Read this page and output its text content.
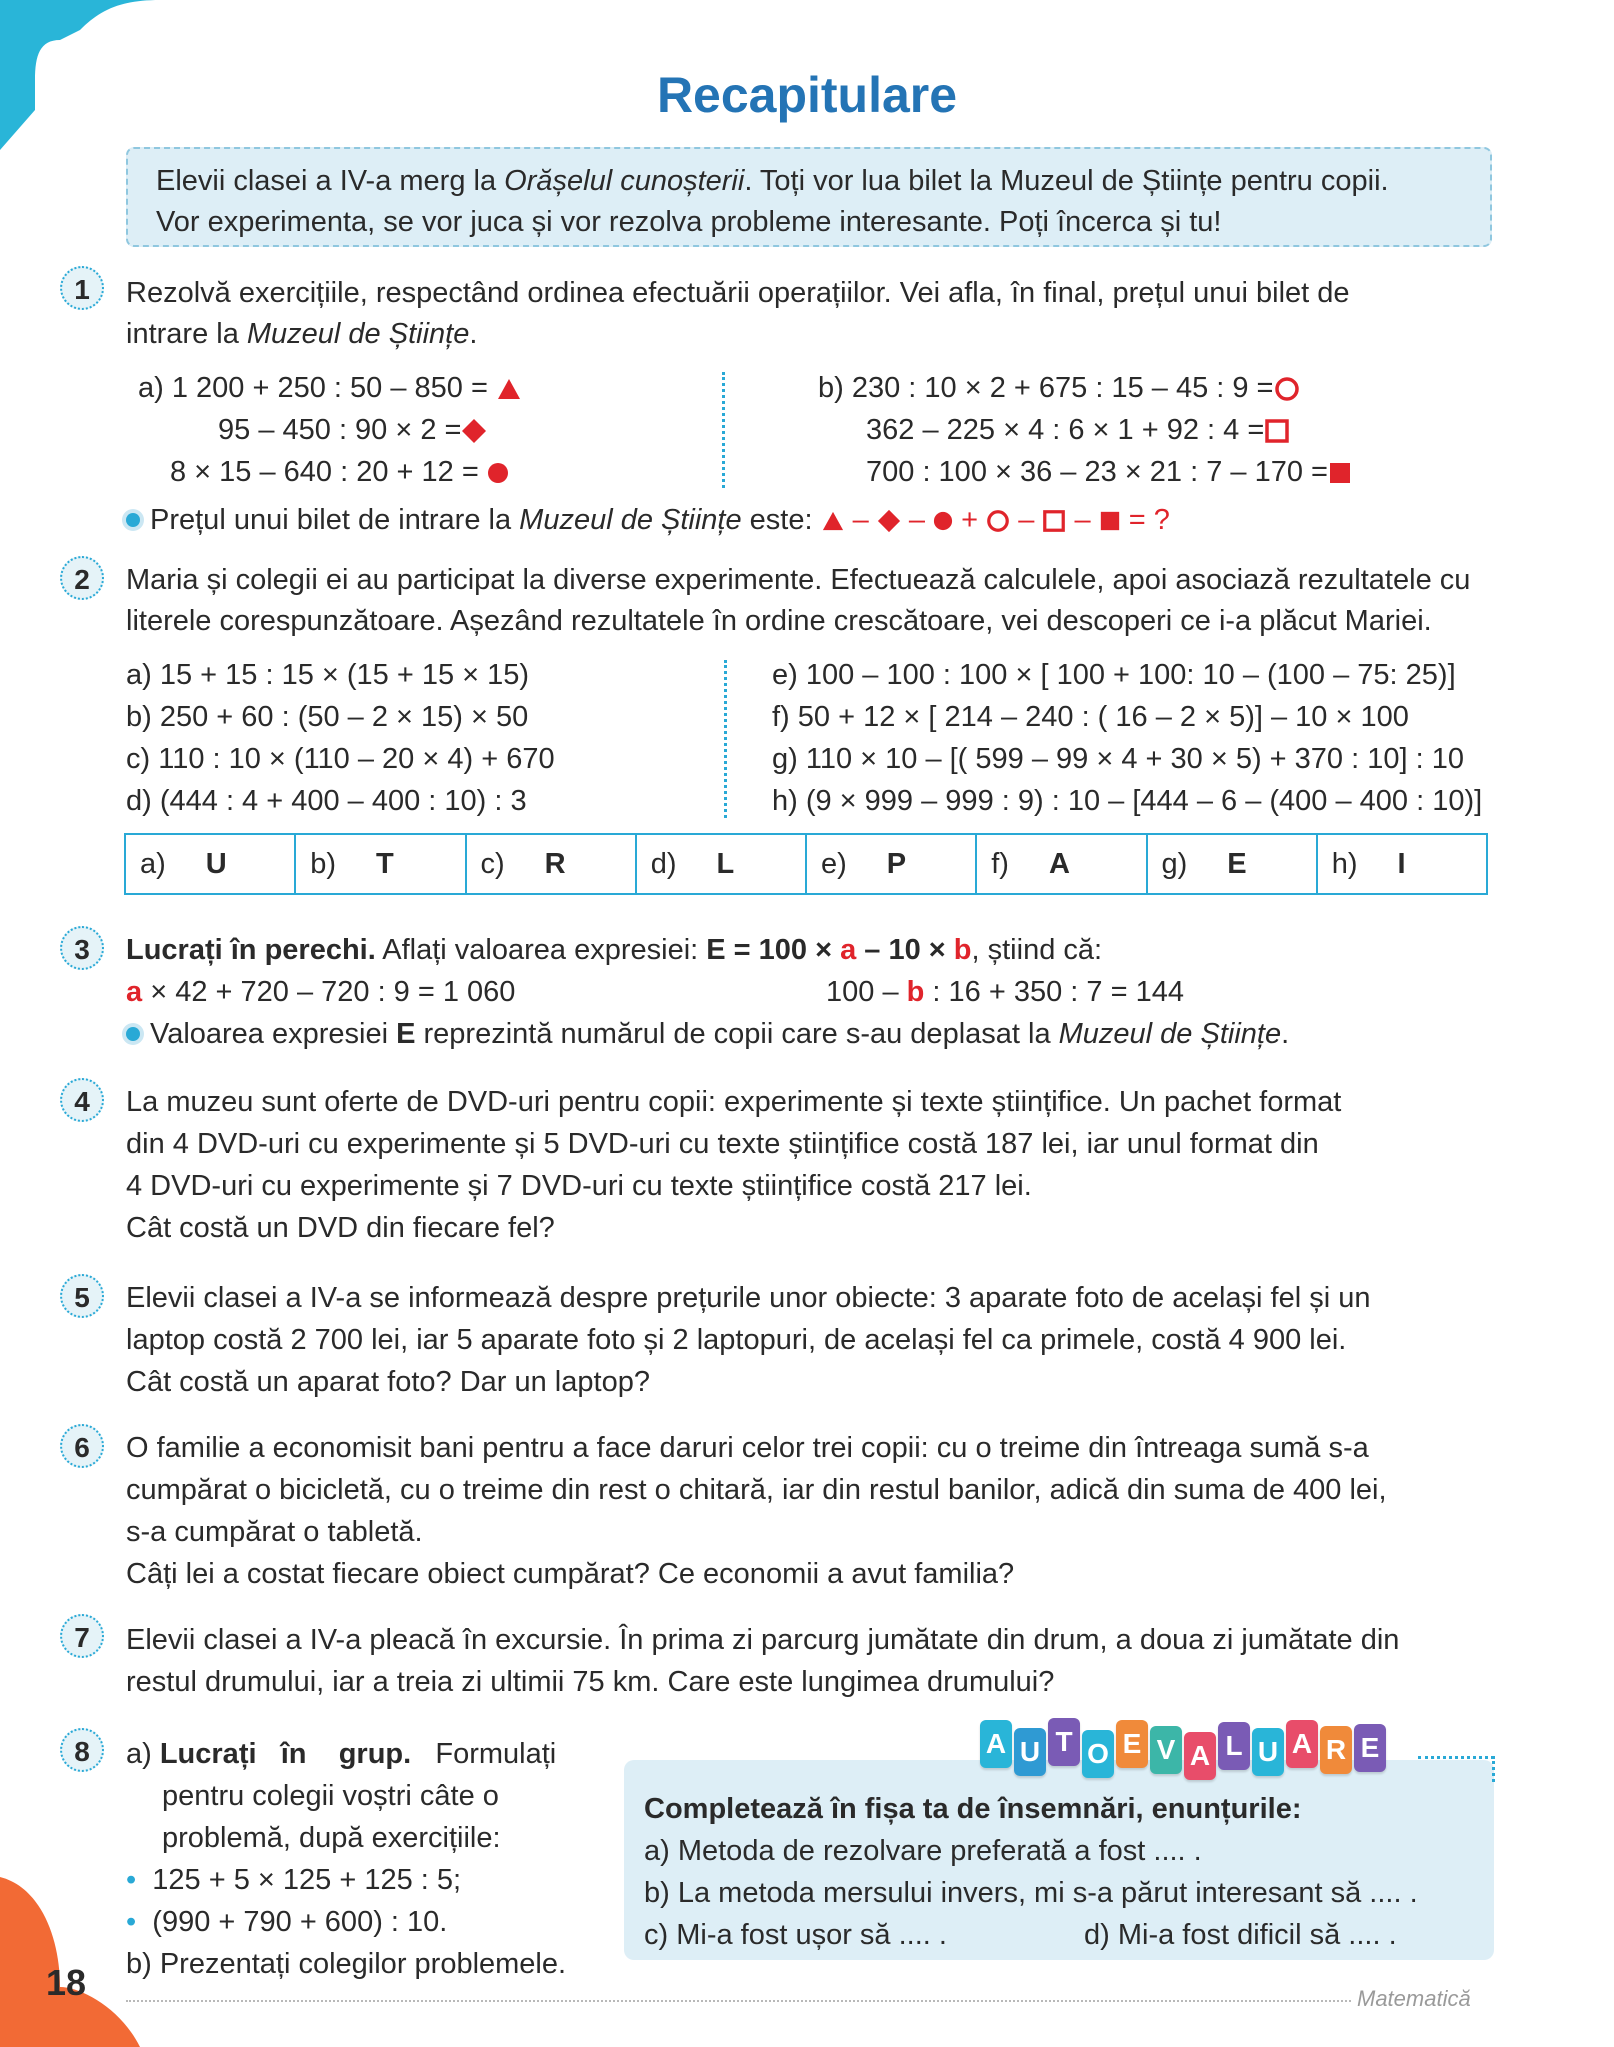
Recapitulare
Elevii clasei a IV-a merg la Orășelul cunoșterii. Toți vor lua bilet la Muzeul de Științe pentru copii.
Vor experimenta, se vor juca și vor rezolva probleme interesante. Poți încerca și tu!
1	Rezolvă exercițiile, respectând ordinea efectuării operațiilor. Vei afla, în final, prețul unui bilet de
intrare la Muzeul de Științe.
a) 1 200 + 250 : 50 – 850 =
95 – 450 : 90 × 2 =
8 × 15 – 640 : 20 + 12 =
b) 230 : 10 × 2 + 675 : 15 – 45 : 9 =
362 – 225 × 4 : 6 × 1 + 92 : 4 =
700 : 100 × 36 – 23 × 21 : 7 – 170 =
Prețul unui bilet de intrare la Muzeul de Științe este:  –  –  +  –  –  = ?
2	Maria și colegii ei au participat la diverse experimente. Efectuează calculele, apoi asociază rezultatele cu
literele corespunzătoare. Așezând rezultatele în ordine crescătoare, vei descoperi ce i-a plăcut Mariei.
a) 15 + 15 : 15 × (15 + 15 × 15)
b) 250 + 60 : (50 – 2 × 15) × 50
c) 110 : 10 × (110 – 20 × 4) + 670
d) (444 : 4 + 400 – 400 : 10) : 3
e) 100 – 100 : 100 × [ 100 + 100: 10 – (100 – 75: 25)]
f) 50 + 12 × [ 214 – 240 : ( 16 – 2 × 5)] – 10 × 100
g) 110 × 10 – [( 599 – 99 × 4 + 30 × 5) + 370 : 10] : 10
h) (9 × 999 – 999 : 9) : 10 – [444 – 6 – (400 – 400 : 10)]
a) U	b) T	c) R	d) L	e) P	f) A	g) E	h) I
3	Lucrați în perechi. Aflați valoarea expresiei: E = 100 × a – 10 × b, știind că:
a × 42 + 720 – 720 : 9 = 1 060	100 – b : 16 + 350 : 7 = 144
Valoarea expresiei E reprezintă numărul de copii care s-au deplasat la Muzeul de Științe.
4	La muzeu sunt oferte de DVD-uri pentru copii: experimente și texte științifice. Un pachet format
din 4 DVD-uri cu experimente și 5 DVD-uri cu texte științifice costă 187 lei, iar unul format din
4 DVD-uri cu experimente și 7 DVD-uri cu texte științifice costă 217 lei.
Cât costă un DVD din fiecare fel?
5	Elevii clasei a IV-a se informează despre prețurile unor obiecte: 3 aparate foto de același fel și un
laptop costă 2 700 lei, iar 5 aparate foto și 2 laptopuri, de același fel ca primele, costă 4 900 lei.
Cât costă un aparat foto? Dar un laptop?
6	O familie a economisit bani pentru a face daruri celor trei copii: cu o treime din întreaga sumă s-a
cumpărat o bicicletă, cu o treime din rest o chitară, iar din restul banilor, adică din suma de 400 lei,
s-a cumpărat o tabletă.
Câți lei a costat fiecare obiect cumpărat? Ce economii a avut familia?
7	Elevii clasei a IV-a pleacă în excursie. În prima zi parcurg jumătate din drum, a doua zi jumătate din
restul drumului, iar a treia zi ultimii 75 km. Care este lungimea drumului?
8	a) Lucrați în grup. Formulați
pentru colegii voștri câte o
problemă, după exercițiile:
• 125 + 5 × 125 + 125 : 5;
• (990 + 790 + 600) : 10.
b) Prezentați colegilor problemele.
Completează în fișa ta de însemnări, enunțurile:
a) Metoda de rezolvare preferată a fost .... .
b) La metoda mersului invers, mi s-a părut interesant să .... .
c) Mi-a fost ușor să .... .	d) Mi-a fost dificil să .... .
A U T O E V A L U A R E
18	Matematică
